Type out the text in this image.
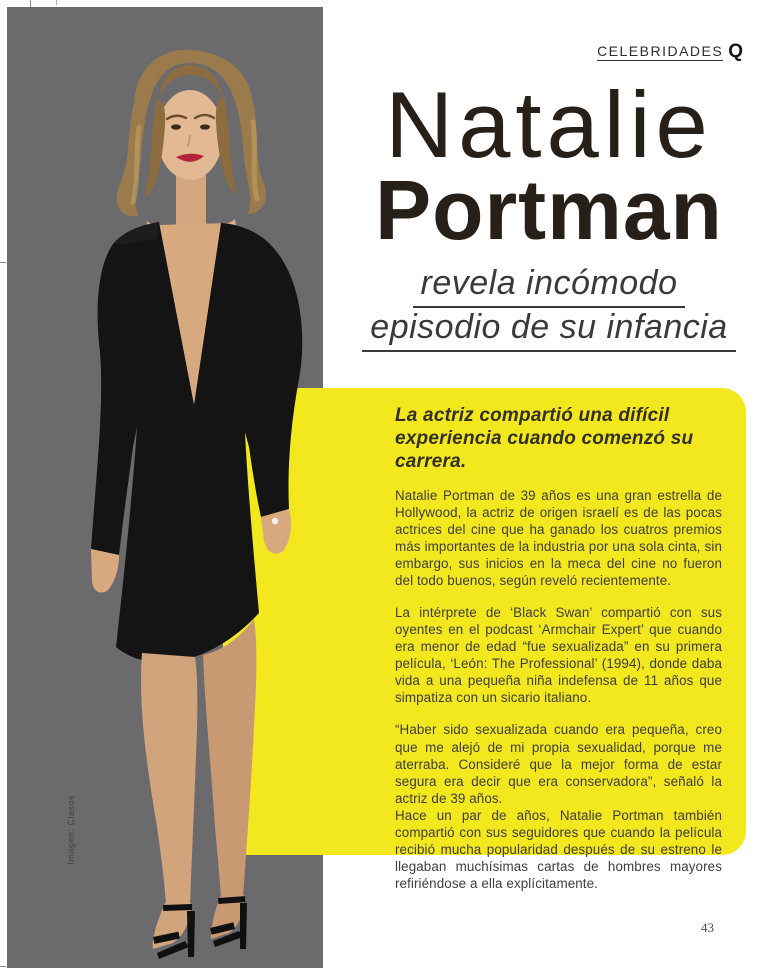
La actriz compartió una difícil experiencia cuando comenzó su carrera.

Natalie Portman de 39 años es una gran estrella de Hollywood, la actriz de origen israelí es de las pocas actrices del cine que ha ganado los cuatros premios más importantes de la industria por una sola cinta, sin embargo, sus inicios en la meca del cine no fueron del todo buenos, según reveló recientemente.

La intérprete de ‘Black Swan’ compartió con sus oyentes en el podcast ‘Armchair Expert’ que cuando era menor de edad “fue sexualizada” en su primera película, ‘León: The Professional’ (1994), donde daba vida a una pequeña niña indefensa de 11 años que simpatiza con un sicario italiano.

“Haber sido sexualizada cuando era pequeña, creo que me alejó de mi propia sexualidad, porque me aterraba. Consideré que la mejor forma de estar segura era decir que era conservadora”, señaló la actriz de 39 años.

Hace un par de años, Natalie Portman también compartió con sus seguidores que cuando la película recibió mucha popularidad después de su estreno le llegaban muchísimas cartas de hombres mayores refiriéndose a ella explícitamente.

Imagen: Clasos
CELEBRIDADES Q
Natalie
Portman
revela incómodo
episodio de su infancia
43
